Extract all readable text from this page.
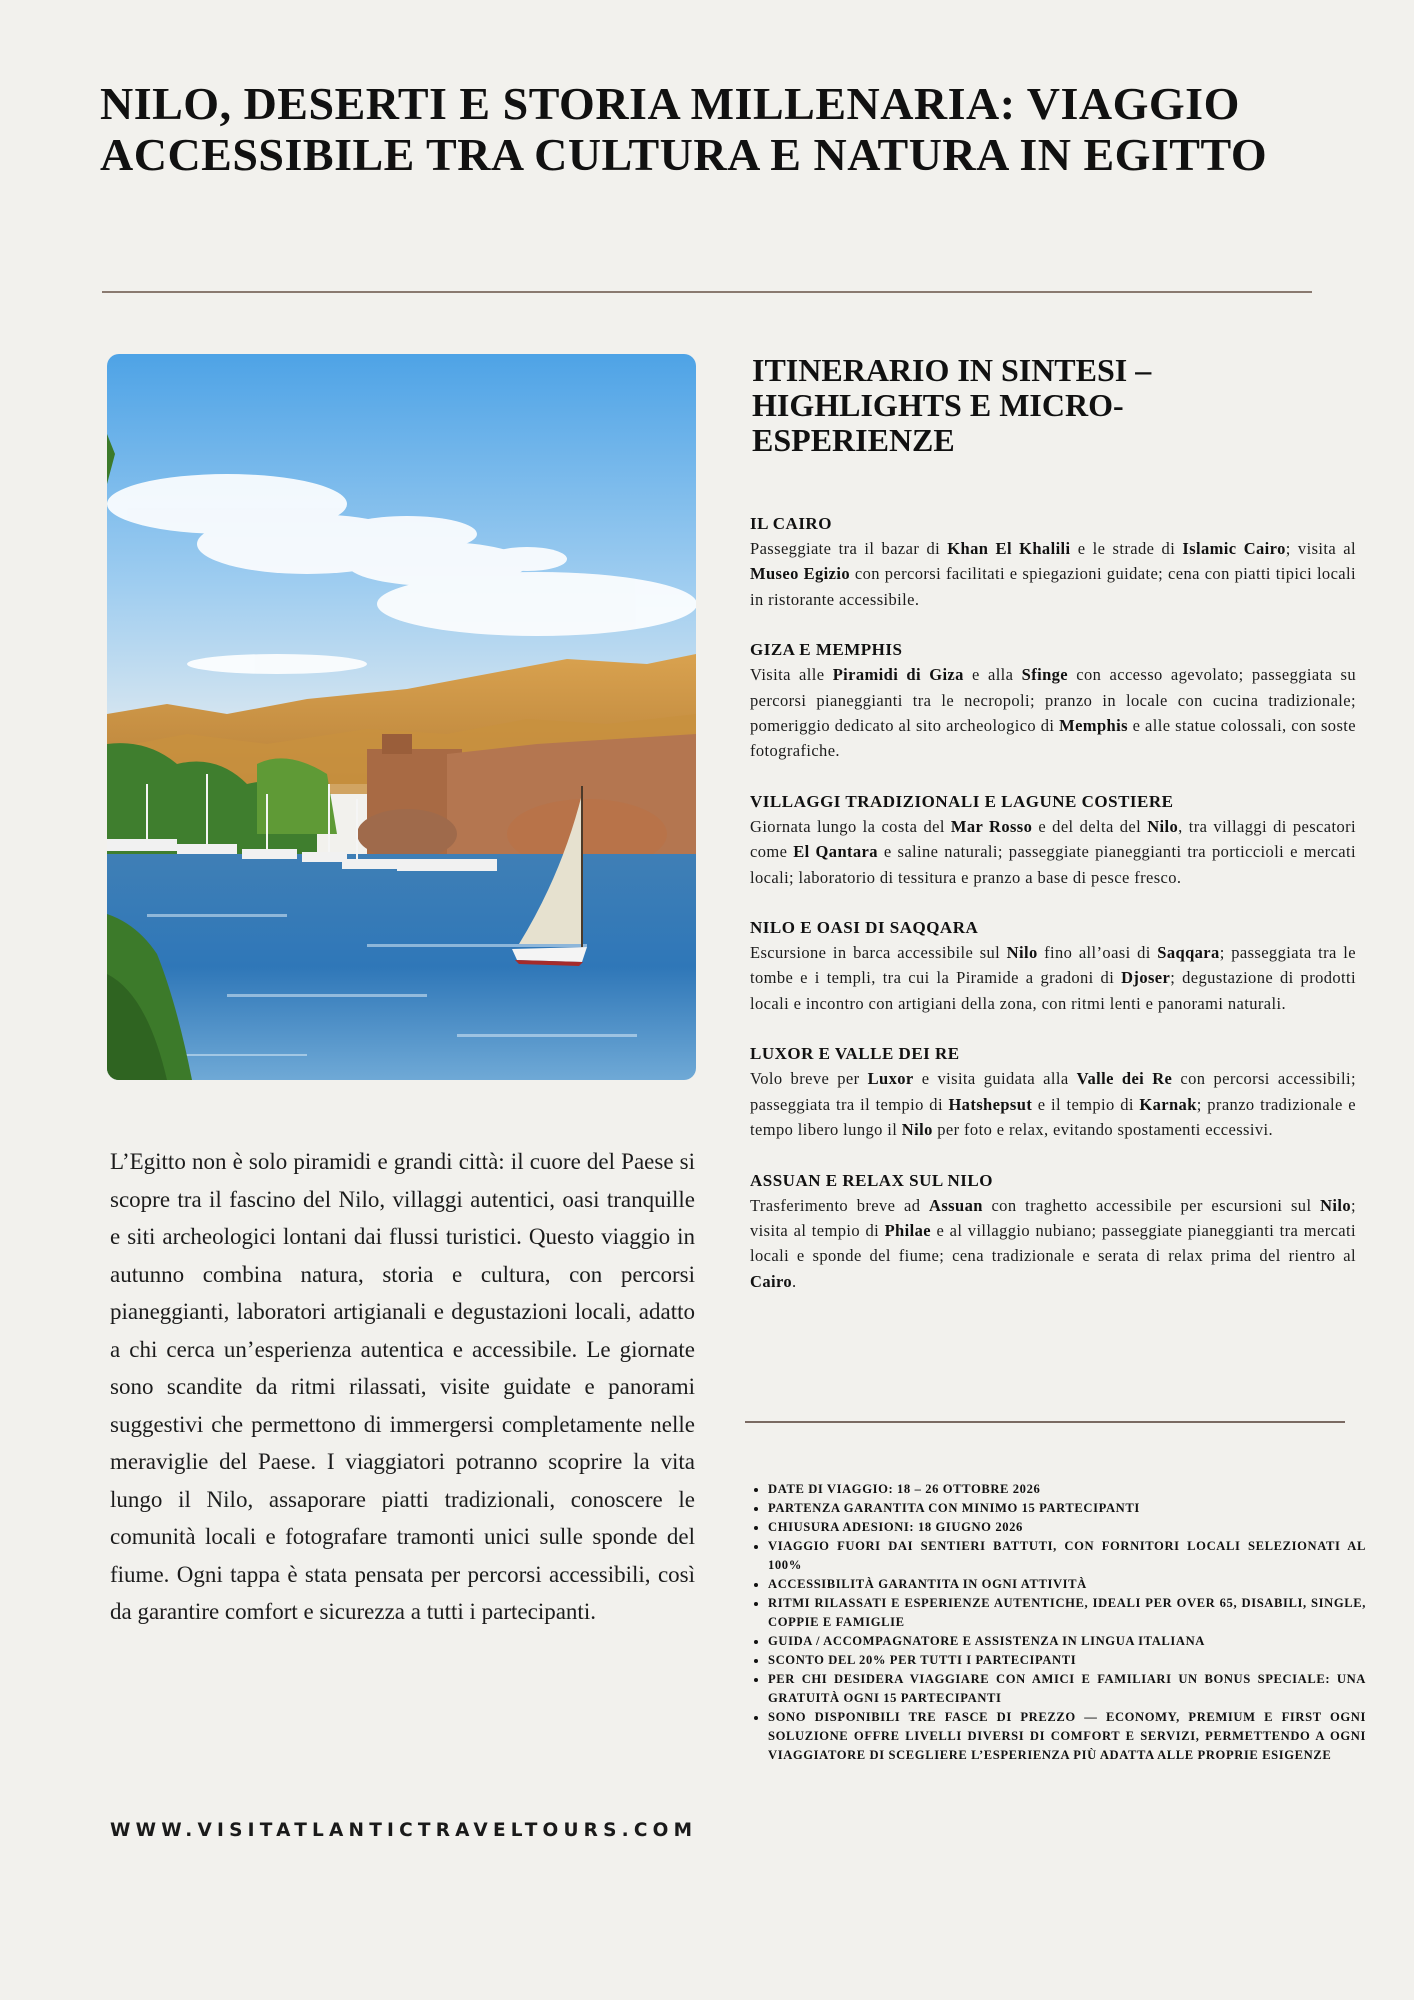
NILO, DESERTI E STORIA MILLENARIA: VIAGGIO ACCESSIBILE TRA CULTURA E NATURA IN EGITTO

L’Egitto non è solo piramidi e grandi città: il cuore del Paese si scopre tra il fascino del Nilo, villaggi autentici, oasi tranquille e siti archeologici lontani dai flussi turistici. Questo viaggio in autunno combina natura, storia e cultura, con percorsi pianeggianti, laboratori artigianali e degustazioni locali, adatto a chi cerca un’esperienza autentica e accessibile. Le giornate sono scandite da ritmi rilassati, visite guidate e panorami suggestivi che permettono di immergersi completamente nelle meraviglie del Paese. I viaggiatori potranno scoprire la vita lungo il Nilo, assaporare piatti tradizionali, conoscere le comunità locali e fotografare tramonti unici sulle sponde del fiume. Ogni tappa è stata pensata per percorsi accessibili, così da garantire comfort e sicurezza a tutti i partecipanti.

WWW.VISITATLANTICTRAVELTOURS.COM
ITINERARIO IN SINTESI – HIGHLIGHTS E MICRO-ESPERIENZE
IL CAIRO

Passeggiate tra il bazar di Khan El Khalili e le strade di Islamic Cairo; visita al Museo Egizio con percorsi facilitati e spiegazioni guidate; cena con piatti tipici locali in ristorante accessibile.

GIZA E MEMPHIS

Visita alle Piramidi di Giza e alla Sfinge con accesso agevolato; passeggiata su percorsi pianeggianti tra le necropoli; pranzo in locale con cucina tradizionale; pomeriggio dedicato al sito archeologico di Memphis e alle statue colossali, con soste fotografiche.

VILLAGGI TRADIZIONALI E LAGUNE COSTIERE

Giornata lungo la costa del Mar Rosso e del delta del Nilo, tra villaggi di pescatori come El Qantara e saline naturali; passeggiate pianeggianti tra porticcioli e mercati locali; laboratorio di tessitura e pranzo a base di pesce fresco.

NILO E OASI DI SAQQARA

Escursione in barca accessibile sul Nilo fino all’oasi di Saqqara; passeggiata tra le tombe e i templi, tra cui la Piramide a gradoni di Djoser; degustazione di prodotti locali e incontro con artigiani della zona, con ritmi lenti e panorami naturali.

LUXOR E VALLE DEI RE

Volo breve per Luxor e visita guidata alla Valle dei Re con percorsi accessibili; passeggiata tra il tempio di Hatshepsut e il tempio di Karnak; pranzo tradizionale e tempo libero lungo il Nilo per foto e relax, evitando spostamenti eccessivi.

ASSUAN E RELAX SUL NILO

Trasferimento breve ad Assuan con traghetto accessibile per escursioni sul Nilo; visita al tempio di Philae e al villaggio nubiano; passeggiate pianeggianti tra mercati locali e sponde del fiume; cena tradizionale e serata di relax prima del rientro al Cairo.

• DATE DI VIAGGIO: 18 – 26 OTTOBRE 2026
• PARTENZA GARANTITA CON MINIMO 15 PARTECIPANTI
• CHIUSURA ADESIONI: 18 GIUGNO 2026
• VIAGGIO FUORI DAI SENTIERI BATTUTI, CON FORNITORI LOCALI SELEZIONATI AL 100%
• ACCESSIBILITÀ GARANTITA IN OGNI ATTIVITÀ
• RITMI RILASSATI E ESPERIENZE AUTENTICHE, IDEALI PER OVER 65, DISABILI, SINGLE, COPPIE E FAMIGLIE
• GUIDA / ACCOMPAGNATORE E ASSISTENZA IN LINGUA ITALIANA
• SCONTO DEL 20% PER TUTTI I PARTECIPANTI
• PER CHI DESIDERA VIAGGIARE CON AMICI E FAMILIARI UN BONUS SPECIALE: UNA GRATUITÀ OGNI 15 PARTECIPANTI
• SONO DISPONIBILI TRE FASCE DI PREZZO — ECONOMY, PREMIUM E FIRST OGNI SOLUZIONE OFFRE LIVELLI DIVERSI DI COMFORT E SERVIZI, PERMETTENDO A OGNI VIAGGIATORE DI SCEGLIERE L’ESPERIENZA PIÙ ADATTA ALLE PROPRIE ESIGENZE
